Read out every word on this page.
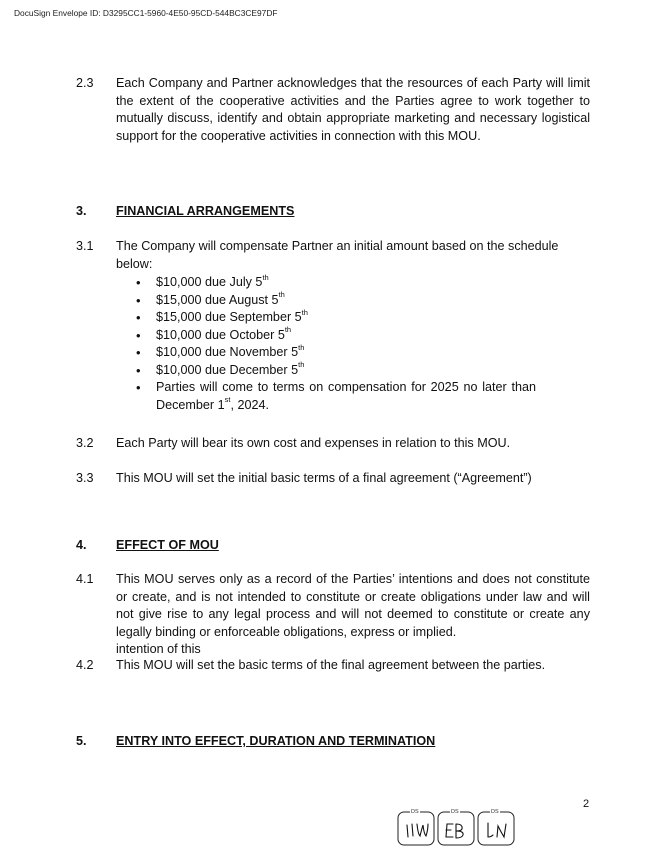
DocuSign Envelope ID: D3295CC1-5960-4E50-95CD-544BC3CE97DF
2.3 Each Company and Partner acknowledges that the resources of each Party will limit the extent of the cooperative activities and the Parties agree to work together to mutually discuss, identify and obtain appropriate marketing and necessary logistical support for the cooperative activities in connection with this MOU.
3. FINANCIAL ARRANGEMENTS
3.1 The Company will compensate Partner an initial amount based on the schedule below:
• $10,000 due July 5th
• $15,000 due August 5th
• $15,000 due September 5th
• $10,000 due October 5th
• $10,000 due November 5th
• $10,000 due December 5th
• Parties will come to terms on compensation for 2025 no later than December 1st, 2024.
3.2 Each Party will bear its own cost and expenses in relation to this MOU.
3.3 This MOU will set the initial basic terms of a final agreement (“Agreement”)
4. EFFECT OF MOU
4.1 This MOU serves only as a record of the Parties’ intentions and does not constitute or create, and is not intended to constitute or create obligations under law and will not give rise to any legal process and will not deemed to constitute or create any legally binding or enforceable obligations, express or implied.
intention of this
4.2 This MOU will set the basic terms of the final agreement between the parties.
5. ENTRY INTO EFFECT, DURATION AND TERMINATION
2
DS	DS	DS
